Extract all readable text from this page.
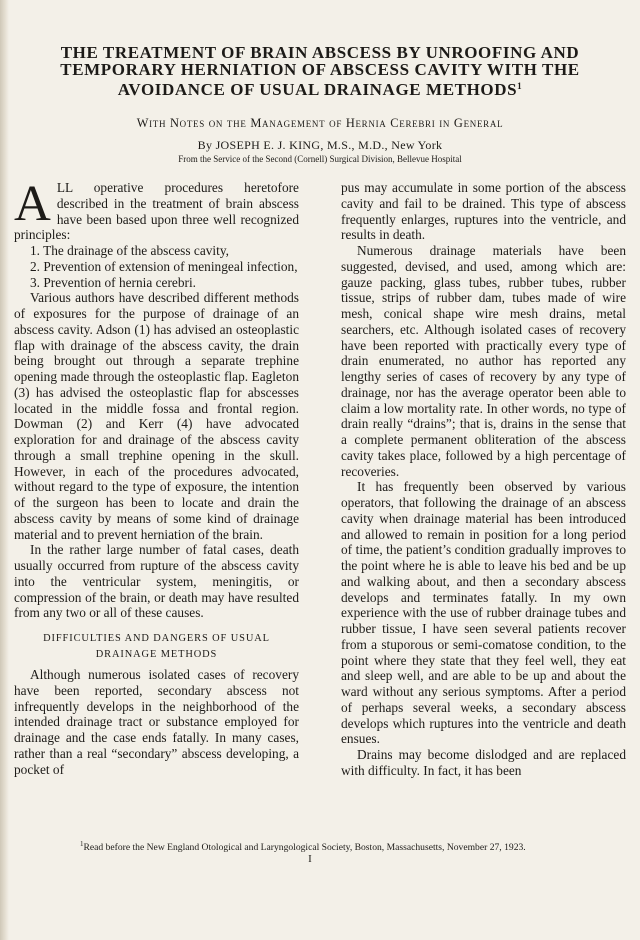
THE TREATMENT OF BRAIN ABSCESS BY UNROOFING AND
TEMPORARY HERNIATION OF ABSCESS CAVITY WITH THE
AVOIDANCE OF USUAL DRAINAGE METHODS$^1$
With Notes on the Management of Hernia Cerebri in General
By JOSEPH E. J. KING, M.S., M.D., New York
From the Service of the Second (Cornell) Surgical Division, Bellevue Hospital

ALL operative procedures heretofore described in the treatment of brain abscess have been based upon three well recognized principles:

1. The drainage of the abscess cavity,

2. Prevention of extension of meningeal infection,

3. Prevention of hernia cerebri.

Various authors have described different methods of exposures for the purpose of drainage of an abscess cavity. Adson (1) has advised an osteoplastic flap with drainage of the abscess cavity, the drain being brought out through a separate trephine opening made through the osteoplastic flap. Eagleton (3) has advised the osteoplastic flap for abscesses located in the middle fossa and frontal region. Dowman (2) and Kerr (4) have advocated exploration for and drainage of the abscess cavity through a small trephine opening in the skull. However, in each of the procedures advocated, without regard to the type of exposure, the intention of the surgeon has been to locate and drain the abscess cavity by means of some kind of drainage material and to prevent herniation of the brain.

In the rather large number of fatal cases, death usually occurred from rupture of the abscess cavity into the ventricular system, meningitis, or compression of the brain, or death may have resulted from any two or all of these causes.

DIFFICULTIES AND DANGERS OF USUAL
DRAINAGE METHODS

Although numerous isolated cases of recovery have been reported, secondary abscess not infrequently develops in the neighborhood of the intended drainage tract or substance employed for drainage and the case ends fatally. In many cases, rather than a real “secondary” abscess developing, a pocket of

pus may accumulate in some portion of the abscess cavity and fail to be drained. This type of abscess frequently enlarges, ruptures into the ventricle, and results in death.

Numerous drainage materials have been suggested, devised, and used, among which are: gauze packing, glass tubes, rubber tubes, rubber tissue, strips of rubber dam, tubes made of wire mesh, conical shape wire mesh drains, metal searchers, etc. Although isolated cases of recovery have been reported with practically every type of drain enumerated, no author has reported any lengthy series of cases of recovery by any type of drainage, nor has the average operator been able to claim a low mortality rate. In other words, no type of drain really “drains”; that is, drains in the sense that a complete permanent obliteration of the abscess cavity takes place, followed by a high percentage of recoveries.

It has frequently been observed by various operators, that following the drainage of an abscess cavity when drainage material has been introduced and allowed to remain in position for a long period of time, the patient’s condition gradually improves to the point where he is able to leave his bed and be up and walking about, and then a secondary abscess develops and terminates fatally. In my own experience with the use of rubber drainage tubes and rubber tissue, I have seen several patients recover from a stuporous or semi-comatose condition, to the point where they state that they feel well, they eat and sleep well, and are able to be up and about the ward without any serious symptoms. After a period of perhaps several weeks, a secondary abscess develops which ruptures into the ventricle and death ensues.

Drains may become dislodged and are replaced with difficulty. In fact, it has been

$^1$Read before the New England Otological and Laryngological Society, Boston, Massachusetts, November 27, 1923.
I
